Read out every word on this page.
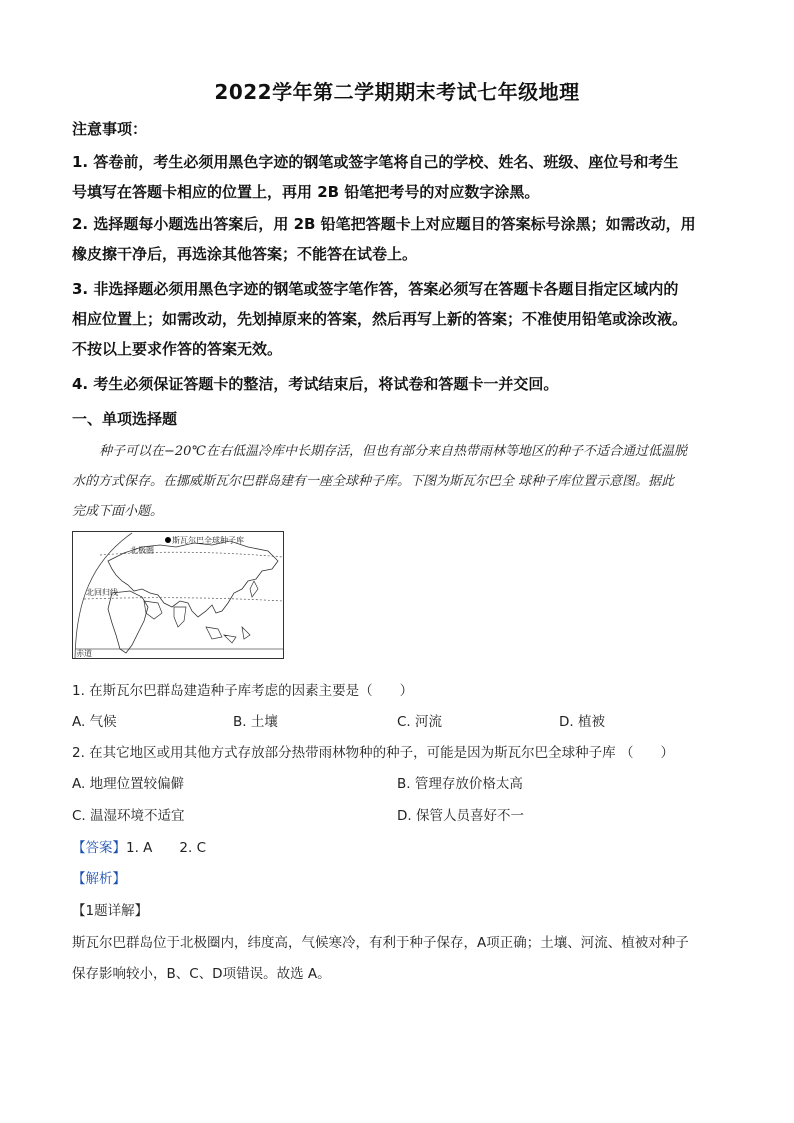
2022学年第二学期期末考试七年级地理
注意事项：
1. 答卷前，考生必须用黑色字迹的钢笔或签字笔将自己的学校、姓名、班级、座位号和考生
号填写在答题卡相应的位置上，再用 2B 铅笔把考号的对应数字涂黑。
2. 选择题每小题选出答案后，用 2B 铅笔把答题卡上对应题目的答案标号涂黑；如需改动，用
橡皮擦干净后，再选涂其他答案；不能答在试卷上。
3. 非选择题必须用黑色字迹的钢笔或签字笔作答，答案必须写在答题卡各题目指定区域内的
相应位置上；如需改动，先划掉原来的答案，然后再写上新的答案；不准使用铅笔或涂改液。
不按以上要求作答的答案无效。
4. 考生必须保证答题卡的整洁，考试结束后，将试卷和答题卡一并交回。
一、单项选择题
种子可以在−20℃在右低温冷库中长期存活，但也有部分来自热带雨林等地区的种子不适合通过低温脱
水的方式保存。在挪威斯瓦尔巴群岛建有一座全球种子库。下图为斯瓦尔巴全 球种子库位置示意图。据此
完成下面小题。
斯瓦尔巴全球种子库
北极圈
北回归线
赤道
1. 在斯瓦尔巴群岛建造种子库考虑的因素主要是（　　）
A. 气候	B. 土壤	C. 河流	D. 植被
2. 在其它地区或用其他方式存放部分热带雨林物种的种子，可能是因为斯瓦尔巴全球种子库 （　　）
A. 地理位置较偏僻	B. 管理存放价格太高
C. 温湿环境不适宜	D. 保管人员喜好不一
【答案】1. A　　2. C
【解析】
【1题详解】
斯瓦尔巴群岛位于北极圈内，纬度高，气候寒冷，有利于种子保存，A项正确；土壤、河流、植被对种子
保存影响较小，B、C、D项错误。故选 A。
